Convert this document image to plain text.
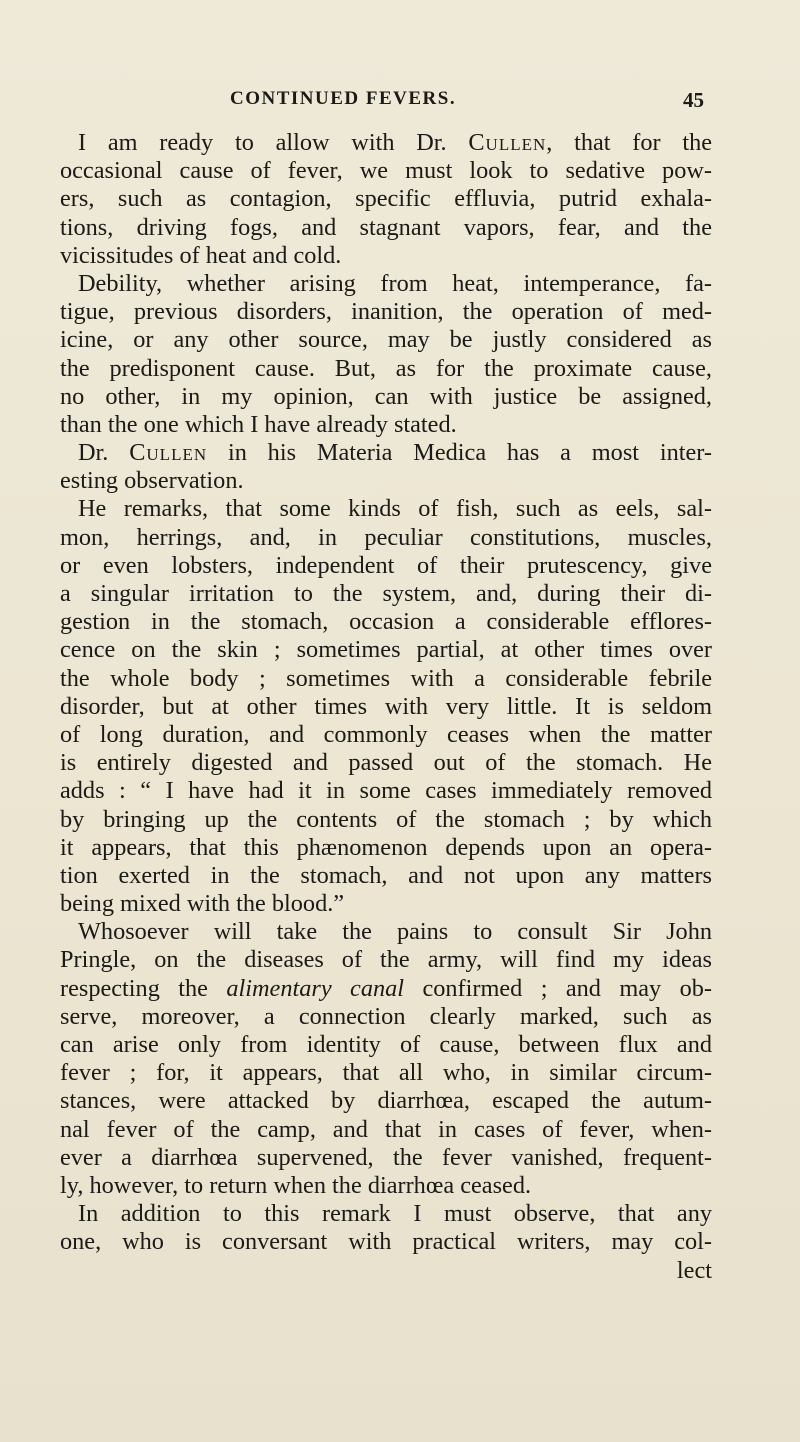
CONTINUED FEVERS.	45
I am ready to allow with Dr. Cullen, that for the
occasional cause of fever, we must look to sedative pow-
ers, such as contagion, specific effluvia, putrid exhala-
tions, driving fogs, and stagnant vapors, fear, and the
vicissitudes of heat and cold.
Debility, whether arising from heat, intemperance, fa-
tigue, previous disorders, inanition, the operation of med-
icine, or any other source, may be justly considered as
the predisponent cause. But, as for the proximate cause,
no other, in my opinion, can with justice be assigned,
than the one which I have already stated.
Dr. Cullen in his Materia Medica has a most inter-
esting observation.
He remarks, that some kinds of fish, such as eels, sal-
mon, herrings, and, in peculiar constitutions, muscles,
or even lobsters, independent of their prutescency, give
a singular irritation to the system, and, during their di-
gestion in the stomach, occasion a considerable efflores-
cence on the skin ; sometimes partial, at other times over
the whole body ; sometimes with a considerable febrile
disorder, but at other times with very little. It is seldom
of long duration, and commonly ceases when the matter
is entirely digested and passed out of the stomach. He
adds : “ I have had it in some cases immediately removed
by bringing up the contents of the stomach ; by which
it appears, that this phænomenon depends upon an opera-
tion exerted in the stomach, and not upon any matters
being mixed with the blood.”
Whosoever will take the pains to consult Sir John
Pringle, on the diseases of the army, will find my ideas
respecting the alimentary canal confirmed ; and may ob-
serve, moreover, a connection clearly marked, such as
can arise only from identity of cause, between flux and
fever ; for, it appears, that all who, in similar circum-
stances, were attacked by diarrhœa, escaped the autum-
nal fever of the camp, and that in cases of fever, when-
ever a diarrhœa supervened, the fever vanished, frequent-
ly, however, to return when the diarrhœa ceased.
In addition to this remark I must observe, that any
one, who is conversant with practical writers, may col-
lect
